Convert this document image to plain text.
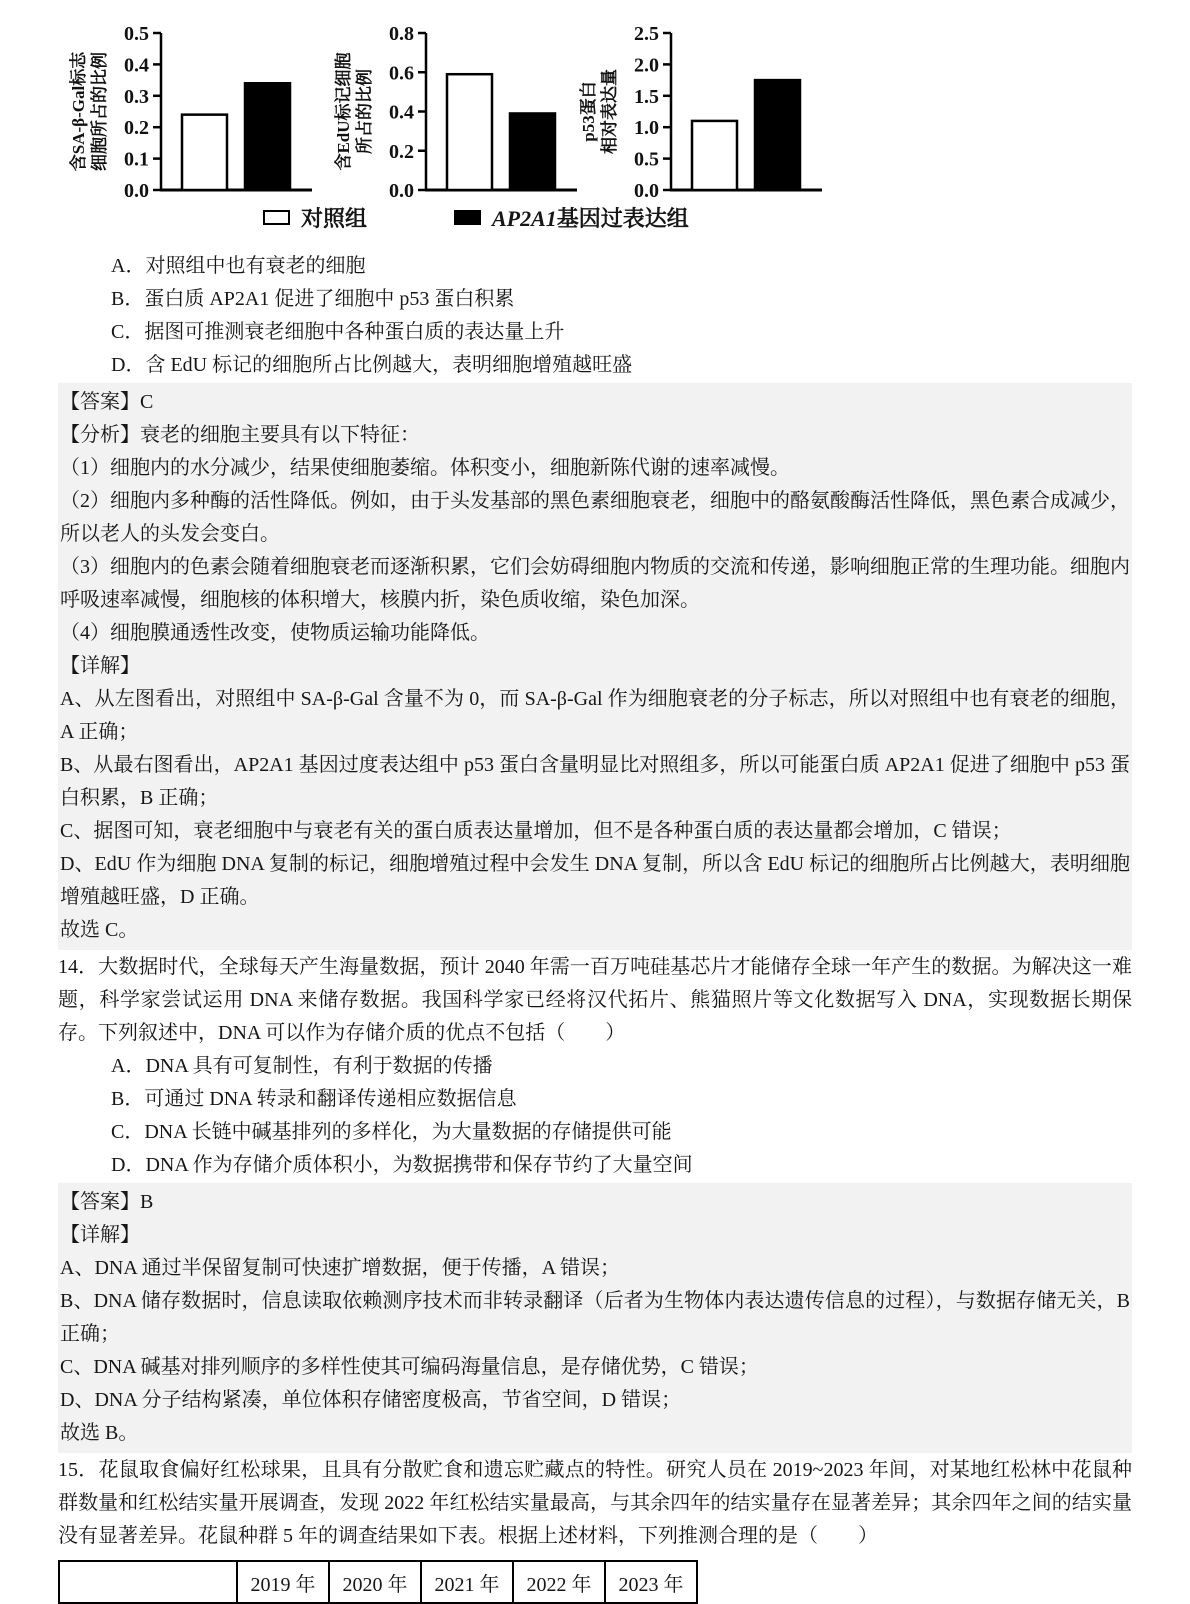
0.0
0.1
0.2
0.3
0.4
0.5
含SA-β-Gal标志 细胞所占的比例
0.0
0.2
0.4
0.6
0.8
含EdU标记细胞 所占的比例
0.0
0.5
1.0
1.5
2.0
2.5
p53蛋白 相对表达量
对照组	AP2A1基因过表达组
A．对照组中也有衰老的细胞
B．蛋白质 AP2A1 促进了细胞中 p53 蛋白积累
C．据图可推测衰老细胞中各种蛋白质的表达量上升
D．含 EdU 标记的细胞所占比例越大，表明细胞增殖越旺盛
【答案】C
【分析】衰老的细胞主要具有以下特征：
（1）细胞内的水分减少，结果使细胞萎缩。体积变小，细胞新陈代谢的速率减慢。
（2）细胞内多种酶的活性降低。例如，由于头发基部的黑色素细胞衰老，细胞中的酪氨酸酶活性降低，黑色素合成减少，所以老人的头发会变白。
（3）细胞内的色素会随着细胞衰老而逐渐积累，它们会妨碍细胞内物质的交流和传递，影响细胞正常的生理功能。细胞内呼吸速率减慢，细胞核的体积增大，核膜内折，染色质收缩，染色加深。
（4）细胞膜通透性改变，使物质运输功能降低。
【详解】
A、从左图看出，对照组中 SA-β-Gal 含量不为 0，而 SA-β-Gal 作为细胞衰老的分子标志，所以对照组中也有衰老的细胞，A 正确；
B、从最右图看出，AP2A1 基因过度表达组中 p53 蛋白含量明显比对照组多，所以可能蛋白质 AP2A1 促进了细胞中 p53 蛋白积累，B 正确；
C、据图可知，衰老细胞中与衰老有关的蛋白质表达量增加，但不是各种蛋白质的表达量都会增加，C 错误；
D、EdU 作为细胞 DNA 复制的标记，细胞增殖过程中会发生 DNA 复制，所以含 EdU 标记的细胞所占比例越大，表明细胞增殖越旺盛，D 正确。
故选 C。
14．大数据时代，全球每天产生海量数据，预计 2040 年需一百万吨硅基芯片才能储存全球一年产生的数据。为解决这一难题，科学家尝试运用 DNA 来储存数据。我国科学家已经将汉代拓片、熊猫照片等文化数据写入 DNA，实现数据长期保存。下列叙述中，DNA 可以作为存储介质的优点不包括（　　）
A．DNA 具有可复制性，有利于数据的传播
B．可通过 DNA 转录和翻译传递相应数据信息
C．DNA 长链中碱基排列的多样化，为大量数据的存储提供可能
D．DNA 作为存储介质体积小，为数据携带和保存节约了大量空间
【答案】B
【详解】
A、DNA 通过半保留复制可快速扩增数据，便于传播，A 错误；
B、DNA 储存数据时，信息读取依赖测序技术而非转录翻译（后者为生物体内表达遗传信息的过程），与数据存储无关，B 正确；
C、DNA 碱基对排列顺序的多样性使其可编码海量信息，是存储优势，C 错误；
D、DNA 分子结构紧凑，单位体积存储密度极高，节省空间，D 错误；
故选 B。
15．花鼠取食偏好红松球果，且具有分散贮食和遗忘贮藏点的特性。研究人员在 2019~2023 年间，对某地红松林中花鼠种群数量和红松结实量开展调查，发现 2022 年红松结实量最高，与其余四年的结实量存在显著差异；其余四年之间的结实量没有显著差异。花鼠种群 5 年的调查结果如下表。根据上述材料，下列推测合理的是（　　）
	2019 年	2020 年	2021 年	2022 年	2023 年
